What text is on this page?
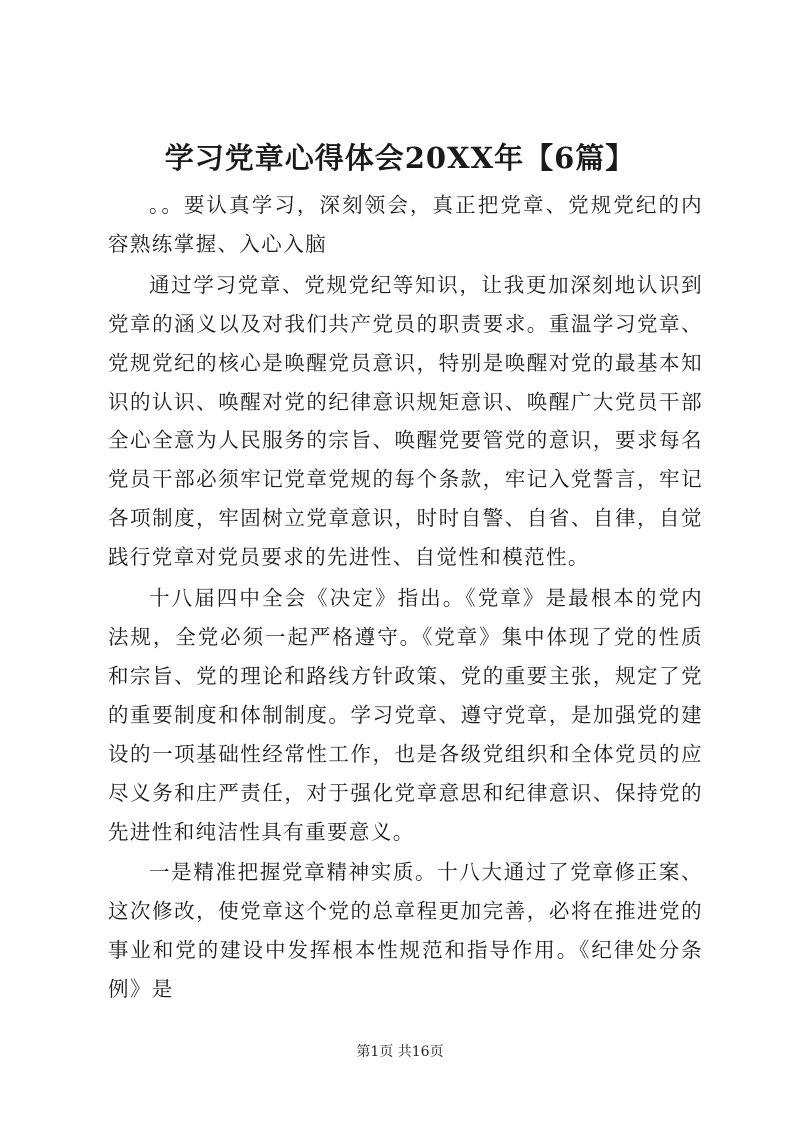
学习党章心得体会20XX年【6篇】

。。要认真学习，深刻领会，真正把党章、党规党纪的内容熟练掌握、入心入脑

通过学习党章、党规党纪等知识，让我更加深刻地认识到党章的涵义以及对我们共产党员的职责要求。重温学习党章、党规党纪的核心是唤醒党员意识，特别是唤醒对党的最基本知识的认识、唤醒对党的纪律意识规矩意识、唤醒广大党员干部全心全意为人民服务的宗旨、唤醒党要管党的意识，要求每名党员干部必须牢记党章党规的每个条款，牢记入党誓言，牢记各项制度，牢固树立党章意识，时时自警、自省、自律，自觉践行党章对党员要求的先进性、自觉性和模范性。

十八届四中全会《决定》指出。《党章》是最根本的党内法规，全党必须一起严格遵守。《党章》集中体现了党的性质和宗旨、党的理论和路线方针政策、党的重要主张，规定了党的重要制度和体制制度。学习党章、遵守党章，是加强党的建设的一项基础性经常性工作，也是各级党组织和全体党员的应尽义务和庄严责任，对于强化党章意思和纪律意识、保持党的先进性和纯洁性具有重要意义。

一是精准把握党章精神实质。十八大通过了党章修正案、这次修改，使党章这个党的总章程更加完善，必将在推进党的事业和党的建设中发挥根本性规范和指导作用。《纪律处分条例》是

第1页 共16页
